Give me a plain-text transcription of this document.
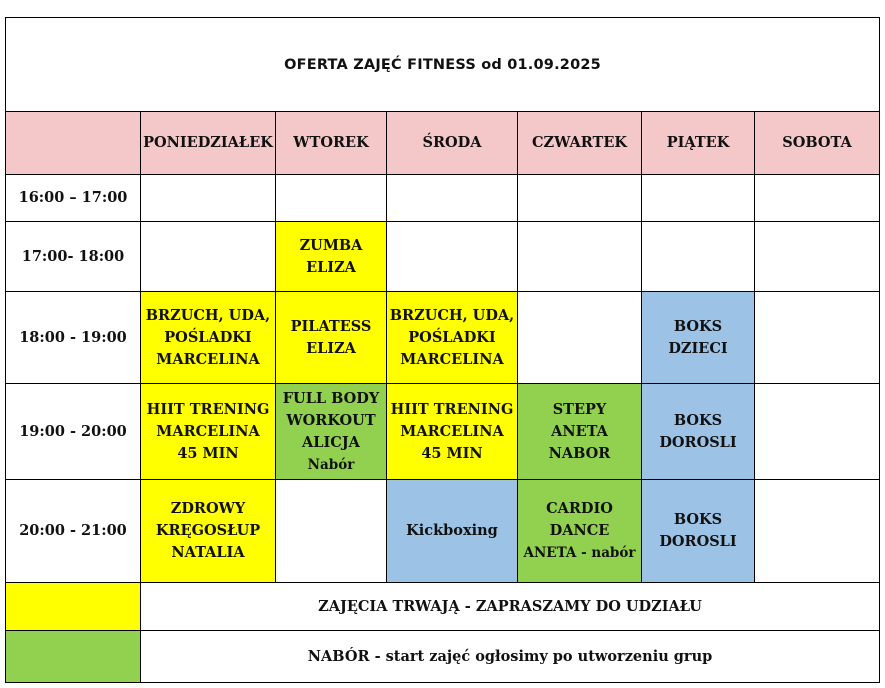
OFERTA ZAJĘĆ FITNESS od 01.09.2025						
	PONIEDZIAŁEK	WTOREK	ŚRODA	CZWARTEK	PIĄTEK	SOBOTA
16:00 – 17:00						
17:00- 18:00		ZUMBA
ELIZA				

18:00 - 19:00	BRZUCH, UDA,
POŚLADKI
MARCELINA	PILATESS
ELIZA	BRZUCH, UDA,
POŚLADKI
MARCELINA		BOKS
DZIECI	

19:00 - 20:00	HIIT TRENING
MARCELINA
45 MIN	FULL BODY
WORKOUT
ALICJA
Nabór	HIIT TRENING
MARCELINA
45 MIN	STEPY
ANETA
NABOR	BOKS
DOROSLI	

20:00 - 21:00	ZDROWY
KRĘGOSŁUP
NATALIA		Kickboxing	CARDIO
DANCE
ANETA - nabór	BOKS
DOROSLI	

	ZAJĘCIA TRWAJĄ - ZAPRASZAMY DO UDZIAŁU					
	NABÓR - start zajęć ogłosimy po utworzeniu grup					
